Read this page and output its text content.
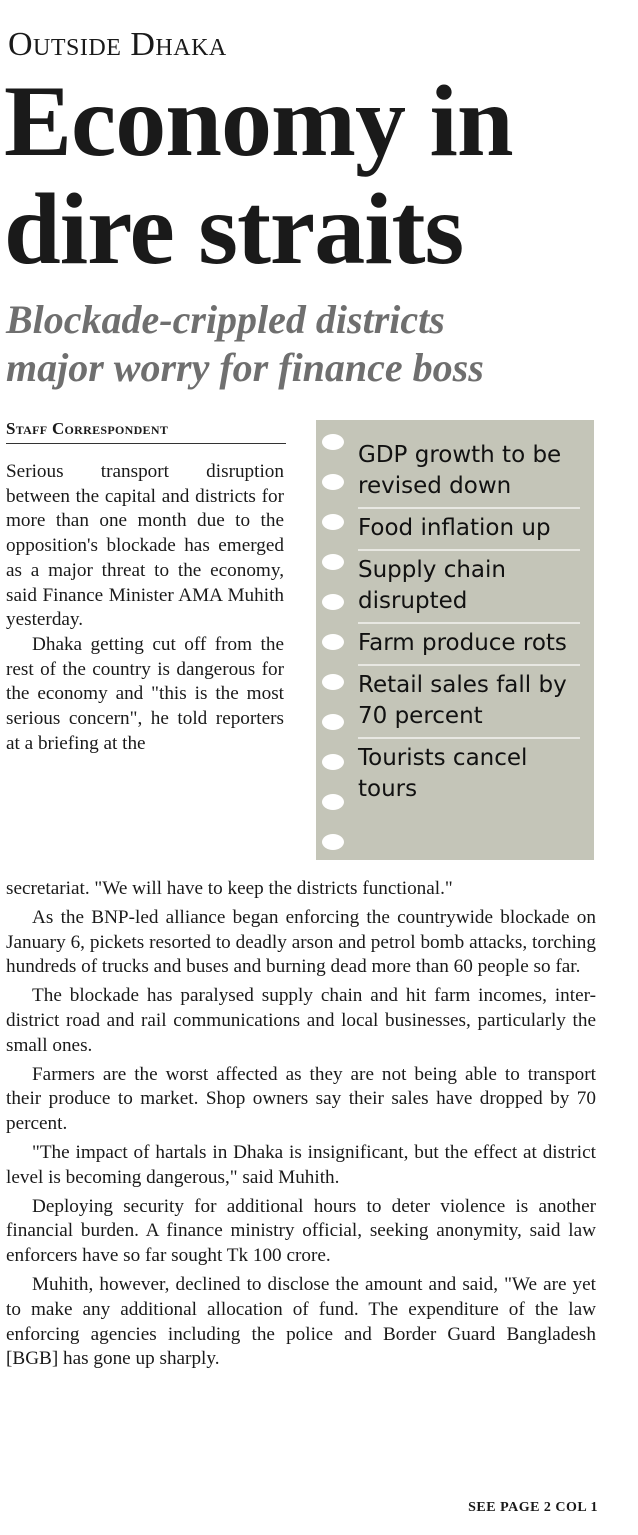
Outside Dhaka
Economy in
dire straits
Blockade-crippled districts
major worry for finance boss
Staff Correspondent
GDP growth to be revised down
Food inflation up
Supply chain disrupted
Farm produce rots
Retail sales fall by 70 percent
Tourists cancel tours

Serious transport disruption between the capital and districts for more than one month due to the opposition's blockade has emerged as a major threat to the economy, said Finance Minister AMA Muhith yesterday.

Dhaka getting cut off from the rest of the country is dangerous for the economy and "this is the most serious concern", he told reporters at a briefing at the

secretariat. "We will have to keep the districts functional."

As the BNP-led alliance began enforcing the countrywide blockade on January 6, pickets resorted to deadly arson and petrol bomb attacks, torching hundreds of trucks and buses and burning dead more than 60 people so far.

The blockade has paralysed supply chain and hit farm incomes, inter-district road and rail communications and local businesses, particularly the small ones.

Farmers are the worst affected as they are not being able to transport their produce to market. Shop owners say their sales have dropped by 70 percent.

"The impact of hartals in Dhaka is insignificant, but the effect at district level is becoming dangerous," said Muhith.

Deploying security for additional hours to deter violence is another financial burden. A finance ministry official, seeking anonymity, said law enforcers have so far sought Tk 100 crore.

Muhith, however, declined to disclose the amount and said, "We are yet to make any additional allocation of fund. The expenditure of the law enforcing agencies including the police and Border Guard Bangladesh [BGB] has gone up sharply.

SEE PAGE 2 COL 1
